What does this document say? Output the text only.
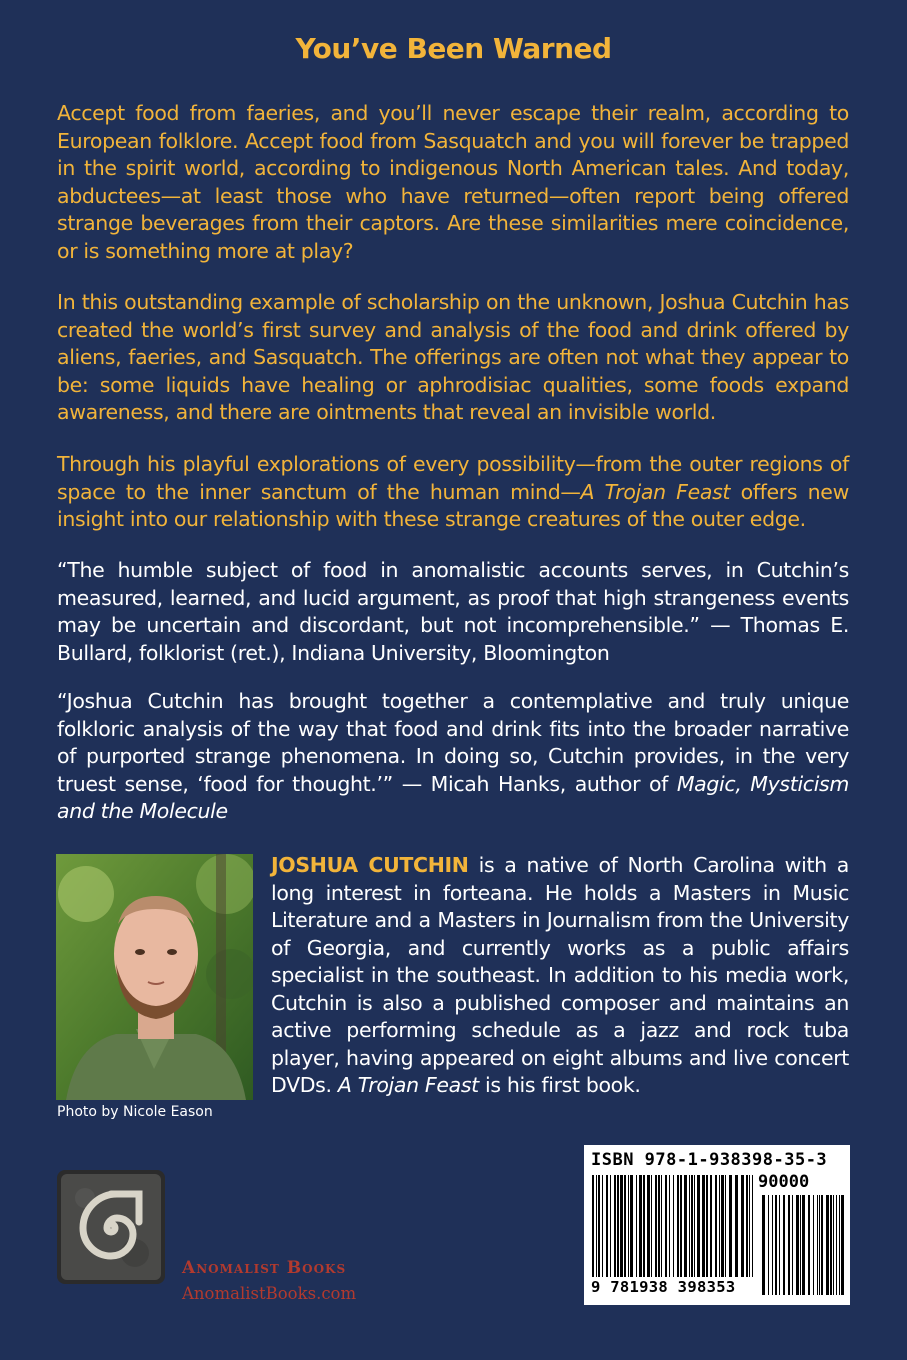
You’ve Been Warned

Accept food from faeries, and you’ll never escape their realm, according to European folklore. Accept food from Sasquatch and you will forever be trapped in the spirit world, according to indigenous North American tales. And today, abductees—at least those who have returned—often report being offered strange beverages from their captors. Are these similarities mere coincidence, or is something more at play?

In this outstanding example of scholarship on the unknown, Joshua Cutchin has created the world’s first survey and analysis of the food and drink offered by aliens, faeries, and Sasquatch. The offerings are often not what they appear to be: some liquids have healing or aphrodisiac qualities, some foods expand awareness, and there are ointments that reveal an invisible world.

Through his playful explorations of every possibility—from the outer regions of space to the inner sanctum of the human mind—A Trojan Feast offers new insight into our relationship with these strange creatures of the outer edge.

“The humble subject of food in anomalistic accounts serves, in Cutchin’s measured, learned, and lucid argument, as proof that high strangeness events may be uncertain and discordant, but not incomprehensible.” — Thomas E. Bullard, folklorist (ret.), Indiana University, Bloomington

“Joshua Cutchin has brought together a contemplative and truly unique folkloric analysis of the way that food and drink fits into the broader narrative of purported strange phenomena. In doing so, Cutchin provides, in the very truest sense, ‘food for thought.’” — Micah Hanks, author of Magic, Mysticism and the Molecule

Photo by Nicole Eason

JOSHUA CUTCHIN is a native of North Carolina with a long interest in forteana. He holds a Masters in Music Literature and a Masters in Journalism from the University of Georgia, and currently works as a public affairs specialist in the southeast. In addition to his media work, Cutchin is also a published composer and maintains an active performing schedule as a jazz and rock tuba player, having appeared on eight albums and live concert DVDs. A Trojan Feast is his first book.

Anomalist Books
AnomalistBooks.com
ISBN 978-1-938398-35-3
90000
9 781938 398353
